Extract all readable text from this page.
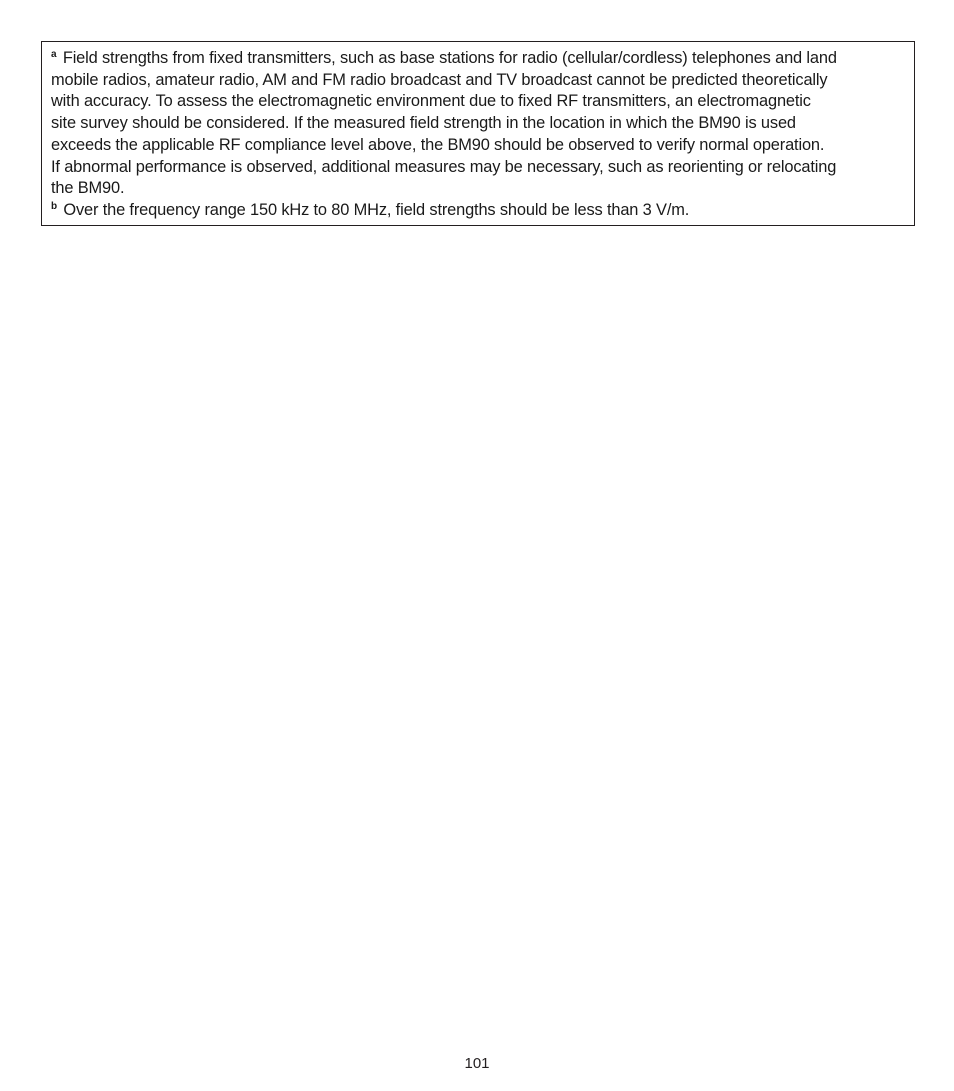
$^a$ Field strengths from fixed transmitters, such as base stations for radio (cellular/cordless) telephones and land
mobile radios, amateur radio, AM and FM radio broadcast and TV broadcast cannot be predicted theoretically
with accuracy. To assess the electromagnetic environment due to fixed RF transmitters, an electromagnetic
site survey should be considered. If the measured field strength in the location in which the BM90 is used
exceeds the applicable RF compliance level above, the BM90 should be observed to verify normal operation.
If abnormal performance is observed, additional measures may be necessary, such as reorienting or relocating
the BM90.
$^b$ Over the frequency range 150 kHz to 80 MHz, field strengths should be less than 3 V/m.
101
